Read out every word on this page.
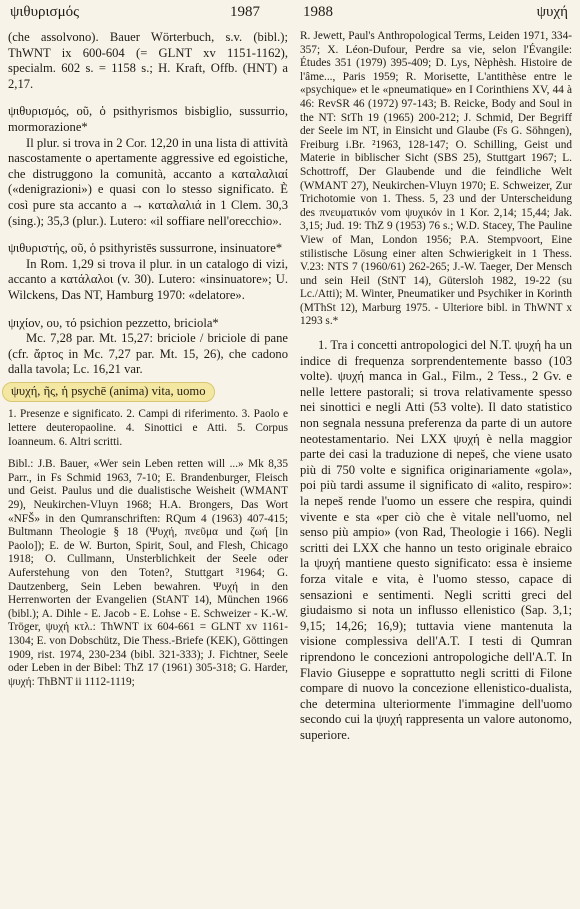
ψιθυρισμός	1987	1988	ψυχή

(che assolvono). Bauer Wörterbuch, s.v. (bibl.); ThWNT ix 600-604 (= GLNT xv 1151-1162), specialm. 602 s. = 1158 s.; H. Kraft, Offb. (HNT) a 2,17.

ψιθυρισμός, οῦ, ὁ psithyrismos bisbiglio, sussurrio, mormorazione*

Il plur. si trova in 2 Cor. 12,20 in una lista di attività nascostamente o apertamente aggressive ed egoistiche, che distruggono la comunità, accanto a καταλαλιαί («denigrazioni») e quasi con lo stesso significato. È così pure sta accanto a → καταλαλιά in 1 Clem. 30,3 (sing.); 35,3 (plur.). Lutero: «il soffiare nell'orecchio».

ψιθυριστής, οῦ, ὁ psithyristēs sussurrone, insinuatore*

In Rom. 1,29 si trova il plur. in un catalogo di vizi, accanto a κατάλαλοι (v. 30). Lutero: «insinuatore»; U. Wilckens, Das NT, Hamburg 1970: «delatore».

ψιχίον, ου, τό psichion pezzetto, briciola*

Mc. 7,28 par. Mt. 15,27: briciole / briciole di pane (cfr. ἄρτος in Mc. 7,27 par. Mt. 15, 26), che cadono dalla tavola; Lc. 16,21 var.

ψυχή, ῆς, ἡ psychē (anima) vita, uomo

1. Presenze e significato. 2. Campi di riferimento. 3. Paolo e lettere deuteropaoline. 4. Sinottici e Atti. 5. Corpus Ioanneum. 6. Altri scritti.

Bibl.: J.B. Bauer, «Wer sein Leben retten will ...» Mk 8,35 Parr., in Fs Schmid 1963, 7-10; E. Brandenburger, Fleisch und Geist. Paulus und die dualistische Weisheit (WMANT 29), Neukirchen-Vluyn 1968; H.A. Brongers, Das Wort «NFŠ» in den Qumranschriften: RQum 4 (1963) 407-415; Bultmann Theologie § 18 (Ψυχή, πνεῦμα und ζωή [in Paolo]); E. de W. Burton, Spirit, Soul, and Flesh, Chicago 1918; O. Cullmann, Unsterblichkeit der Seele oder Auferstehung von den Toten?, Stuttgart ³1964; G. Dautzenberg, Sein Leben bewahren. Ψυχή in den Herrenworten der Evangelien (StANT 14), München 1966 (bibl.); A. Dihle - E. Jacob - E. Lohse - E. Schweizer - K.-W. Tröger, ψυχή κτλ.: ThWNT ix 604-661 = GLNT xv 1161-1304; E. von Dobschütz, Die Thess.-Briefe (KEK), Göttingen 1909, rist. 1974, 230-234 (bibl. 321-333); J. Fichtner, Seele oder Leben in der Bibel: ThZ 17 (1961) 305-318; G. Harder, ψυχή: ThBNT ii 1112-1119;

R. Jewett, Paul's Anthropological Terms, Leiden 1971, 334-357; X. Léon-Dufour, Perdre sa vie, selon l'Évangile: Études 351 (1979) 395-409; D. Lys, Nèphèsh. Histoire de l'âme..., Paris 1959; R. Morisette, L'antithèse entre le «psychique» et le «pneumatique» en I Corinthiens XV, 44 à 46: RevSR 46 (1972) 97-143; B. Reicke, Body and Soul in the NT: StTh 19 (1965) 200-212; J. Schmid, Der Begriff der Seele im NT, in Einsicht und Glaube (Fs G. Söhngen), Freiburg i.Br. ²1963, 128-147; O. Schilling, Geist und Materie in biblischer Sicht (SBS 25), Stuttgart 1967; L. Schottroff, Der Glaubende und die feindliche Welt (WMANT 27), Neukirchen-Vluyn 1970; E. Schweizer, Zur Trichotomie von 1. Thess. 5, 23 und der Unterscheidung des πνευματικόν vom ψυχικόν in 1 Kor. 2,14; 15,44; Jak. 3,15; Jud. 19: ThZ 9 (1953) 76 s.; W.D. Stacey, The Pauline View of Man, London 1956; P.A. Stempvoort, Eine stilistische Lösung einer alten Schwierigkeit in 1 Thess. V.23: NTS 7 (1960/61) 262-265; J.-W. Taeger, Der Mensch und sein Heil (StNT 14), Gütersloh 1982, 19-22 (su Lc./Atti); M. Winter, Pneumatiker und Psychiker in Korinth (MThSt 12), Marburg 1975. - Ulteriore bibl. in ThWNT x 1293 s.*

1. Tra i concetti antropologici del N.T. ψυχή ha un indice di frequenza sorprendentemente basso (103 volte). ψυχή manca in Gal., Film., 2 Tess., 2 Gv. e nelle lettere pastorali; si trova relativamente spesso nei sinottici e negli Atti (53 volte). Il dato statistico non segnala nessuna preferenza da parte di un autore neotestamentario. Nei LXX ψυχή è nella maggior parte dei casi la traduzione di nepeš, che viene usato più di 750 volte e significa originariamente «gola», poi più tardi assume il significato di «alito, respiro»: la nepeš rende l'uomo un essere che respira, quindi vivente e sta «per ciò che è vitale nell'uomo, nel senso più ampio» (von Rad, Theologie i 166). Negli scritti dei LXX che hanno un testo originale ebraico la ψυχή mantiene questo significato: essa è insieme forza vitale e vita, è l'uomo stesso, capace di sensazioni e sentimenti. Negli scritti greci del giudaismo si nota un influsso ellenistico (Sap. 3,1; 9,15; 14,26; 16,9); tuttavia viene mantenuta la visione complessiva dell'A.T. I testi di Qumran riprendono le concezioni antropologiche dell'A.T. In Flavio Giuseppe e soprattutto negli scritti di Filone compare di nuovo la concezione ellenistico-dualista, che determina ulteriormente l'immagine dell'uomo secondo cui la ψυχή rappresenta un valore autonomo, superiore.
